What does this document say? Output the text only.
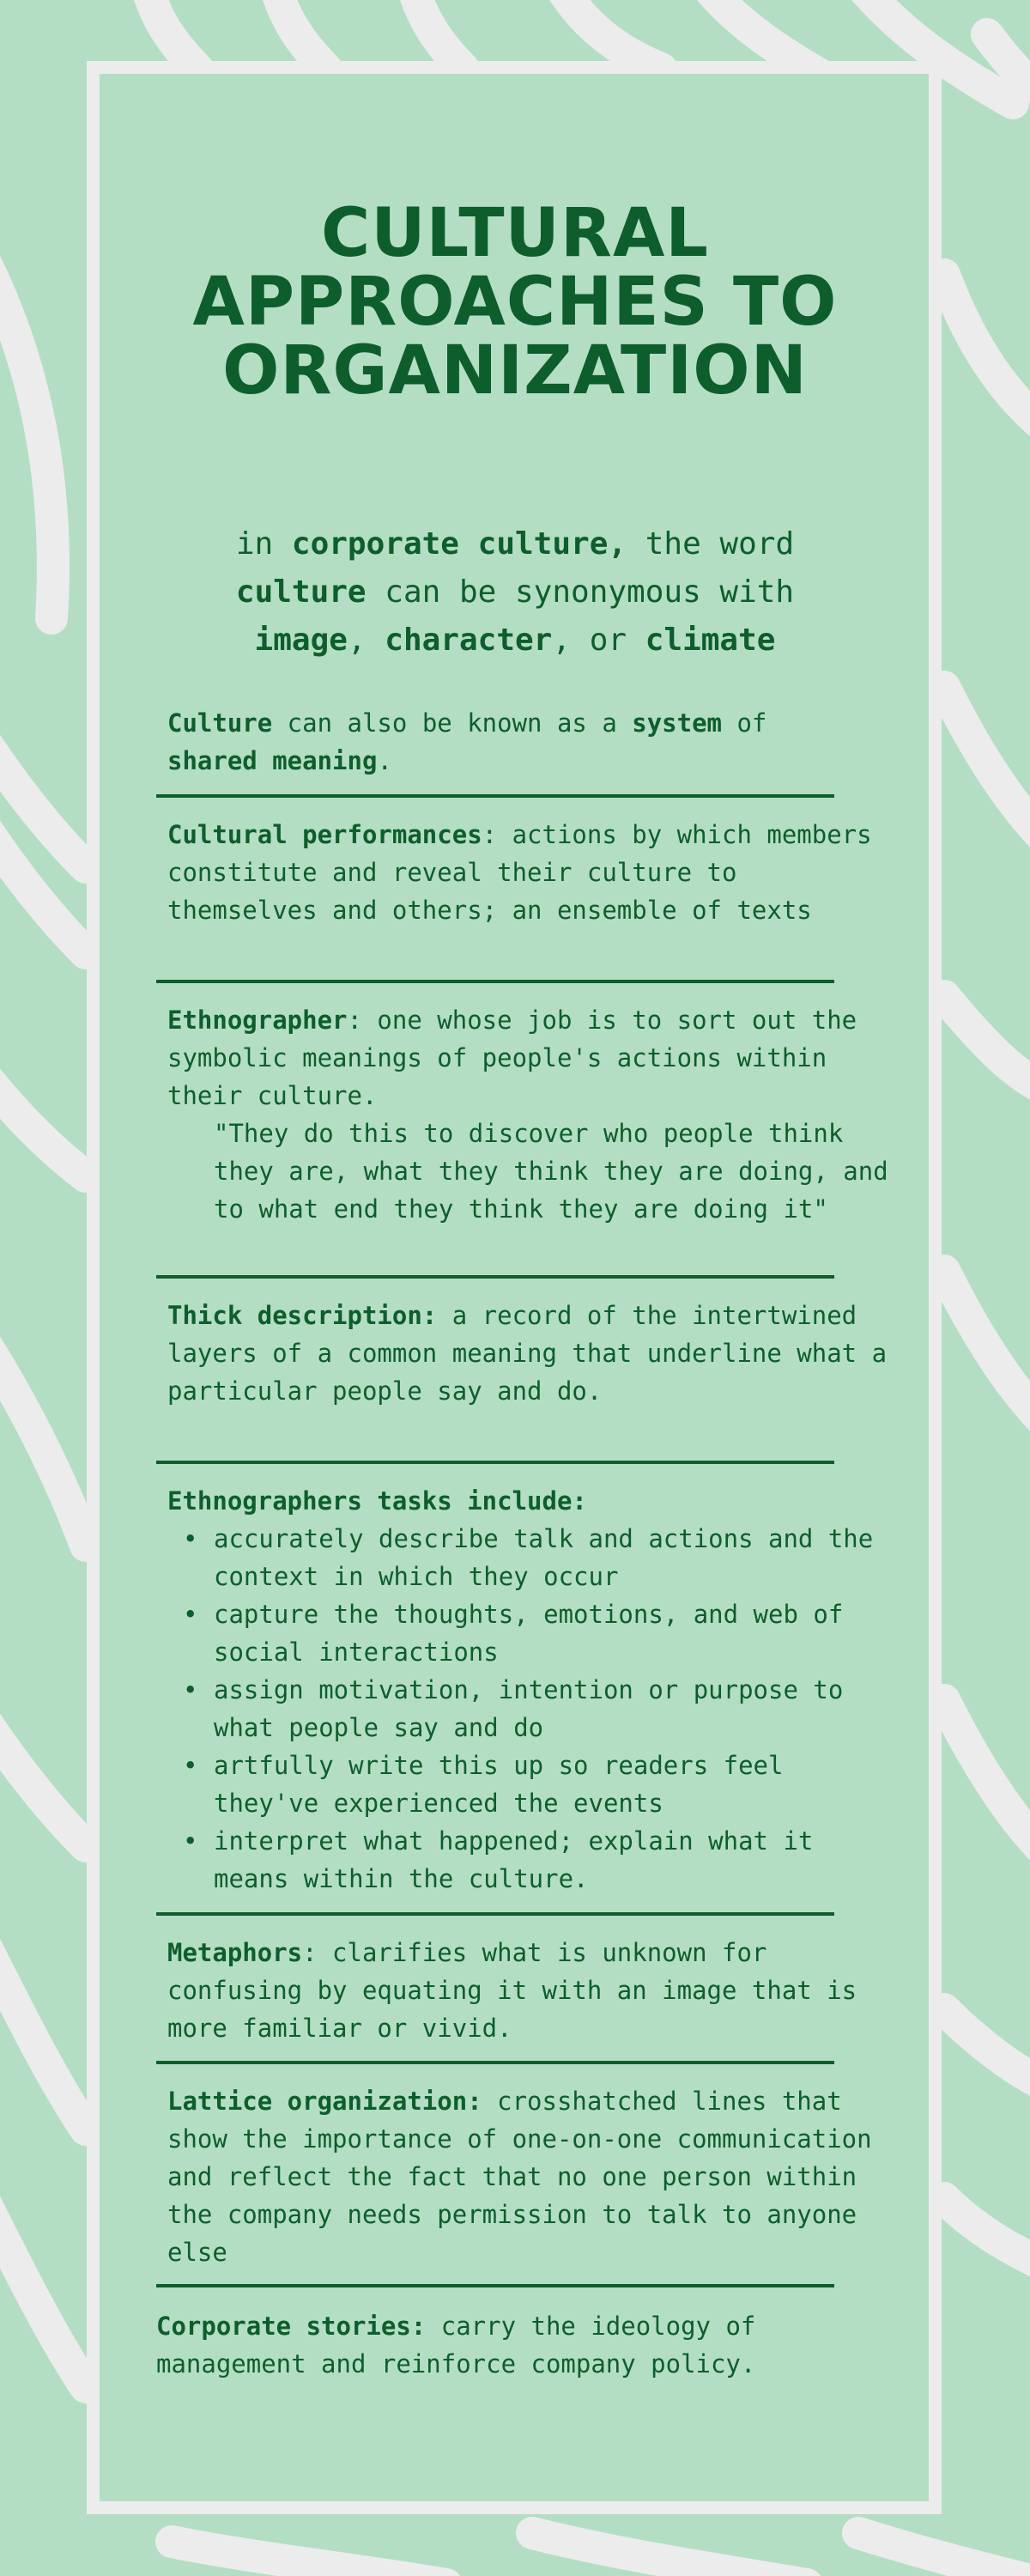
CULTURAL
APPROACHES TO
ORGANIZATION

in corporate culture, the word
culture can be synonymous with
image, character, or climate

Culture can also be known as a system of
shared meaning.

Cultural performances: actions by which members constitute and reveal their culture to themselves and others; an ensemble of texts

Ethnographer: one whose job is to sort out the symbolic meanings of people's actions within their culture.

"They do this to discover who people think they are, what they think they are doing, and to what end they think they are doing it"

Thick description: a record of the intertwined layers of a common meaning that underline what a particular people say and do.

Ethnographers tasks include:

• accurately describe talk and actions and the context in which they occur
• capture the thoughts, emotions, and web of social interactions
• assign motivation, intention or purpose to what people say and do
• artfully write this up so readers feel they've experienced the events
• interpret what happened; explain what it means within the culture.

Metaphors: clarifies what is unknown for confusing by equating it with an image that is more familiar or vivid.

Lattice organization: crosshatched lines that show the importance of one-on-one communication and reflect the fact that no one person within the company needs permission to talk to anyone else

Corporate stories: carry the ideology of management and reinforce company policy.
